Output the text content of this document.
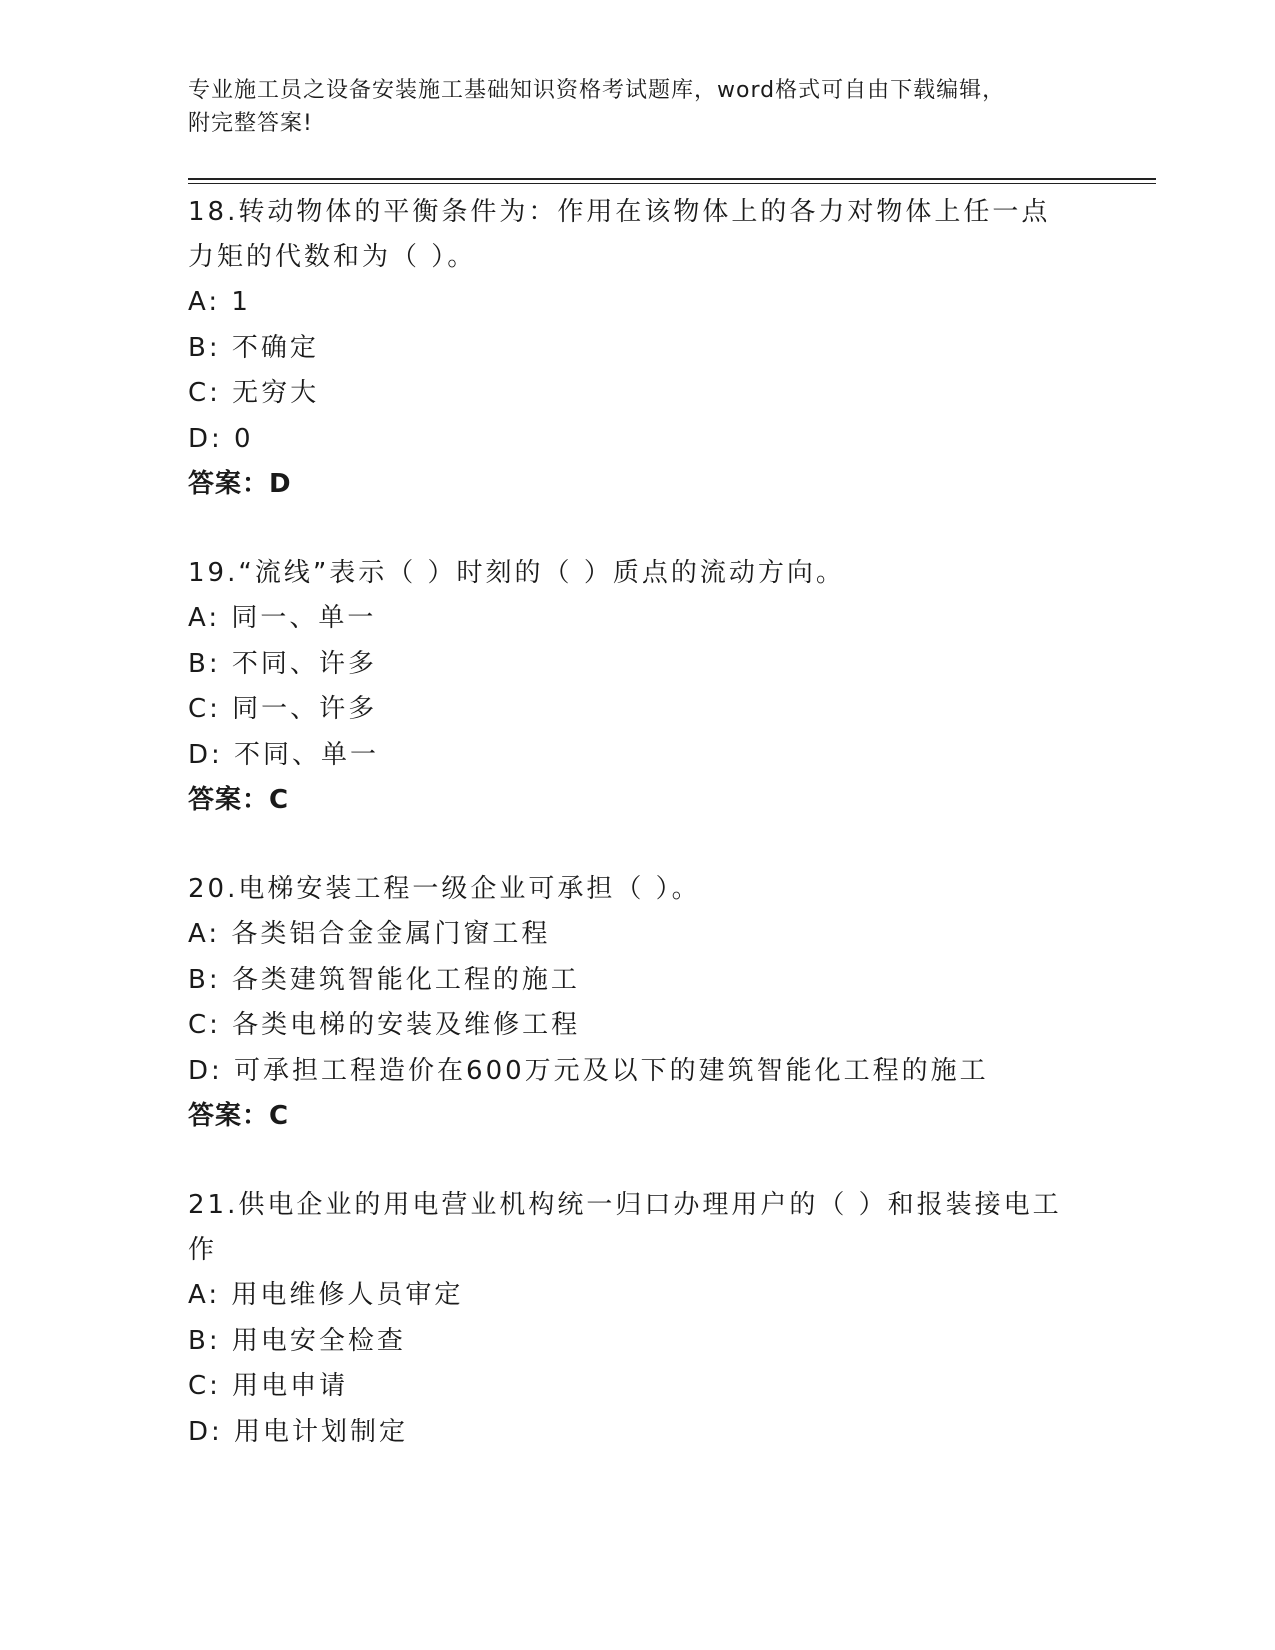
专业施工员之设备安装施工基础知识资格考试题库，word格式可自由下载编辑，
附完整答案!
18.转动物体的平衡条件为：作用在该物体上的各力对物体上任一点力矩的代数和为（ ）。
A: 1
B: 不确定
C: 无穷大
D: 0
答案：D
19.“流线”表示（ ）时刻的（ ）质点的流动方向。
A: 同一、单一
B: 不同、许多
C: 同一、许多
D: 不同、单一
答案：C
20.电梯安装工程一级企业可承担（ ）。
A: 各类铝合金金属门窗工程
B: 各类建筑智能化工程的施工
C: 各类电梯的安装及维修工程
D: 可承担工程造价在600万元及以下的建筑智能化工程的施工
答案：C
21.供电企业的用电营业机构统一归口办理用户的（ ）和报装接电工作
A: 用电维修人员审定
B: 用电安全检查
C: 用电申请
D: 用电计划制定
